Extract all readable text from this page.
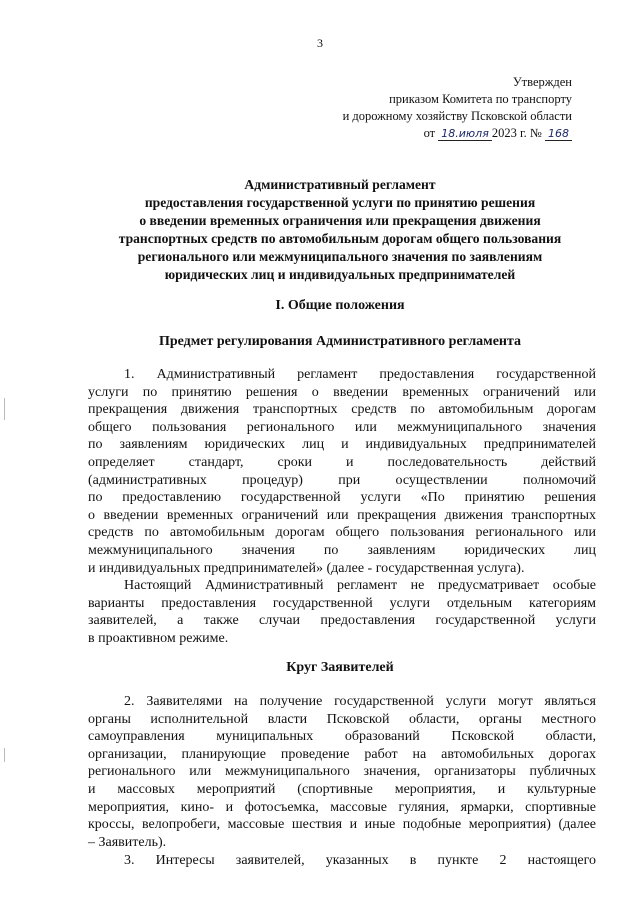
3
Утвержден
приказом Комитета по транспорту
и дорожному хозяйству Псковской области
от 18.июля 2023 г. № 168
Административный регламент
предоставления государственной услуги по принятию решения
о введении временных ограничения или прекращения движения
транспортных средств по автомобильным дорогам общего пользования
регионального или межмуниципального значения по заявлениям
юридических лиц и индивидуальных предпринимателей
I. Общие положения
Предмет регулирования Административного регламента
1. Административный регламент предоставления государственной
услуги по принятию решения о введении временных ограничений или
прекращения движения транспортных средств по автомобильным дорогам
общего пользования регионального или межмуниципального значения
по заявлениям юридических лиц и индивидуальных предпринимателей
определяет стандарт, сроки и последовательность действий
(административных процедур) при осуществлении полномочий
по предоставлению государственной услуги «По принятию решения
о введении временных ограничений или прекращения движения транспортных
средств по автомобильным дорогам общего пользования регионального или
межмуниципального значения по заявлениям юридических лиц
и индивидуальных предпринимателей» (далее - государственная услуга).
Настоящий Административный регламент не предусматривает особые
варианты предоставления государственной услуги отдельным категориям
заявителей, а также случаи предоставления государственной услуги
в проактивном режиме.
Круг Заявителей
2. Заявителями на получение государственной услуги могут являться
органы исполнительной власти Псковской области, органы местного
самоуправления муниципальных образований Псковской области,
организации, планирующие проведение работ на автомобильных дорогах
регионального или межмуниципального значения, организаторы публичных
и массовых мероприятий (спортивные мероприятия, и культурные
мероприятия, кино- и фотосъемка, массовые гуляния, ярмарки, спортивные
кроссы, велопробеги, массовые шествия и иные подобные мероприятия) (далее
– Заявитель).
3. Интересы заявителей, указанных в пункте 2 настоящего
